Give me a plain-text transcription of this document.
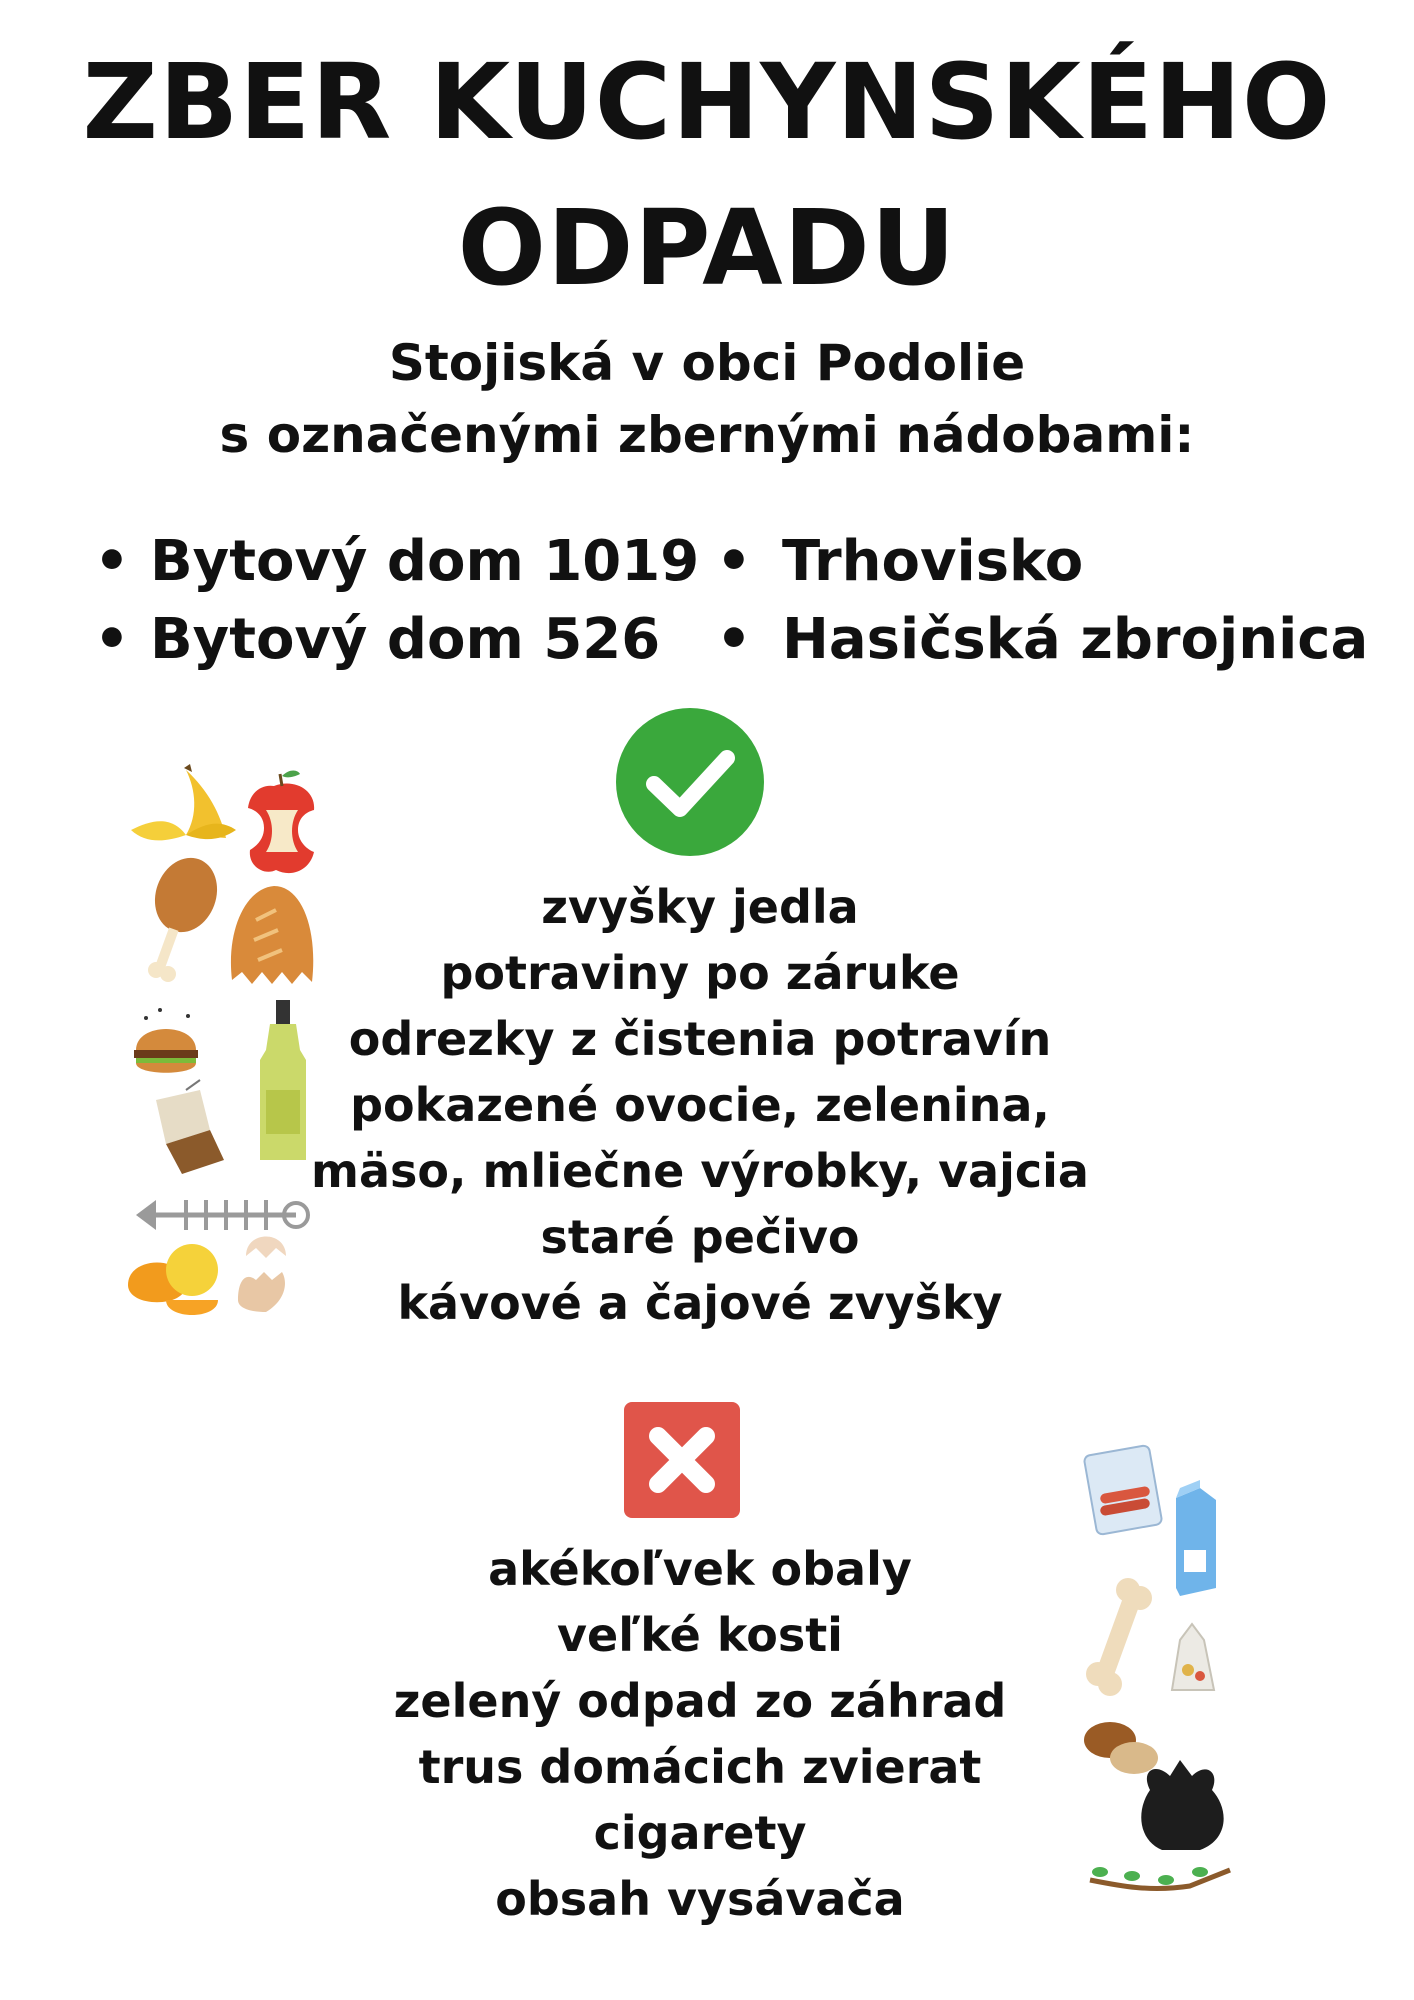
ZBER KUCHYNSKÉHO
ODPADU
Stojiská v obci Podolie
s označenými zbernými nádobami:
• Bytový dom 1019 • Trhovisko
• Bytový dom 526 • Hasičská zbrojnica
zvyšky jedla
potraviny po záruke
odrezky z čistenia potravín
pokazené ovocie, zelenina,
mäso, mliečne výrobky, vajcia
staré pečivo
kávové a čajové zvyšky
akékoľvek obaly
veľké kosti
zelený odpad zo záhrad
trus domácich zvierat
cigarety
obsah vysávača
